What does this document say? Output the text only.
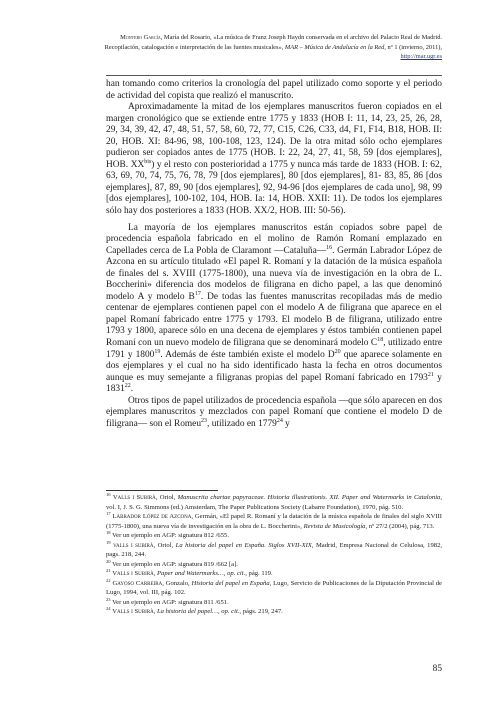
Montero García, María del Rosario, «La música de Franz Joseph Haydn conservada en el archivo del Palacio Real de Madrid. Recopilación, catalogación e interpretación de las fuentes musicales», MAR – Música de Andalucía en la Red, nº 1 (invierno, 2011), http://mar.ugr.es

han tomando como criterios la cronología del papel utilizado como soporte y el periodo de actividad del copista que realizó el manuscrito.

Aproximadamente la mitad de los ejemplares manuscritos fueron copiados en el margen cronológico que se extiende entre 1775 y 1833 (HOB I: 11, 14, 23, 25, 26, 28, 29, 34, 39, 42, 47, 48, 51, 57, 58, 60, 72, 77, C15, C26, C33, d4, F1, F14, B18, HOB. II: 20, HOB. XI: 84-96, 98, 100-108, 123, 124). De la otra mitad sólo ocho ejemplares pudieron ser copiados antes de 1775 (HOB. I: 22, 24, 27, 41, 58, 59 [dos ejemplares], HOB. $XX^{bis}$) y el resto con posterioridad a 1775 y nunca más tarde de 1833 (HOB. I: 62, 63, 69, 70, 74, 75, 76, 78, 79 [dos ejemplares], 80 [dos ejemplares], 81- 83, 85, 86 [dos ejemplares], 87, 89, 90 [dos ejemplares], 92, 94-96 [dos ejemplares de cada uno], 98, 99 [dos ejemplares], 100-102, 104, HOB. Ia: 14, HOB. XXII: 11). De todos los ejemplares sólo hay dos posteriores a 1833 (HOB. XX/2, HOB. III: 50-56).

La mayoría de los ejemplares manuscritos están copiados sobre papel de procedencia española fabricado en el molino de Ramón Romaní emplazado en Capellades cerca de La Pobla de Claramont —Cataluña—$^{16}$. Germán Labrador López de Azcona en su artículo titulado «El papel R. Romaní y la datación de la música española de finales del s. XVIII (1775-1800), una nueva vía de investigación en la obra de L. Boccherini» diferencia dos modelos de filigrana en dicho papel, a las que denominó modelo A y modelo $B^{17}$. De todas las fuentes manuscritas recopiladas más de medio centenar de ejemplares contienen papel con el modelo A de filigrana que aparece en el papel Romaní fabricado entre 1775 y 1793. El modelo B de filigrana, utilizado entre 1793 y 1800, aparece sólo en una decena de ejemplares y éstos también contienen papel Romaní con un nuevo modelo de filigrana que se denominará modelo $C^{18}$, utilizado entre 1791 y 1800$^{19}$. Además de éste también existe el modelo $D^{20}$ que aparece solamente en dos ejemplares y el cual no ha sido identificado hasta la fecha en otros documentos aunque es muy semejante a filigranas propias del papel Romaní fabricado en 1793$^{21}$ y 1831$^{22}$.

Otros tipos de papel utilizados de procedencia española —que sólo aparecen en dos ejemplares manuscritos y mezclados con papel Romaní que contiene el modelo D de filigrana— son el Romeu$^{23}$, utilizado en 1779$^{24}$ y

$^{16}$ Valls i Subirà, Oriol, Manuscrita chartae papyraceae. Historia illustrationis. XII. Paper and Watermarks in Catalonia, vol. I, J. S. G. Simmons (ed.) Amsterdam, The Paper Publications Society (Labarre Foundation), 1970, pág. 510.

$^{17}$ Labrador López de Azcona, Germán, «El papel R. Romaní y la datación de la música española de finales del siglo XVIII (1775-1800), una nueva vía de investigación en la obra de L. Boccherini», Revista de Musicología, nº 27/2 (2004), pág. 713.

$^{18}$ Ver un ejemplo en AGP: signatura 812 /655.

$^{19}$ valls i subirà, Oriol, La historia del papel en España. Siglos XVII-XIX, Madrid, Empresa Nacional de Celulosa, 1982, pags. 218, 244.

$^{20}$ Ver un ejemplo en AGP: signatura 819 /662 [a].

$^{21}$ Valls i Subirà, Paper and Watermarks…, op. cit., pág. 119.

$^{22}$ Gayoso Carreira, Gonzalo, Historia del papel en España, Lugo, Servicio de Publicaciones de la Diputación Provincial de Lugo, 1994, vol. III, pág. 102.

$^{23}$ Ver un ejemplo en AGP: signatura 811 /651.

$^{24}$ Valls i Subirà, La historia del papel…, op. cit., págs. 219, 247.

85
